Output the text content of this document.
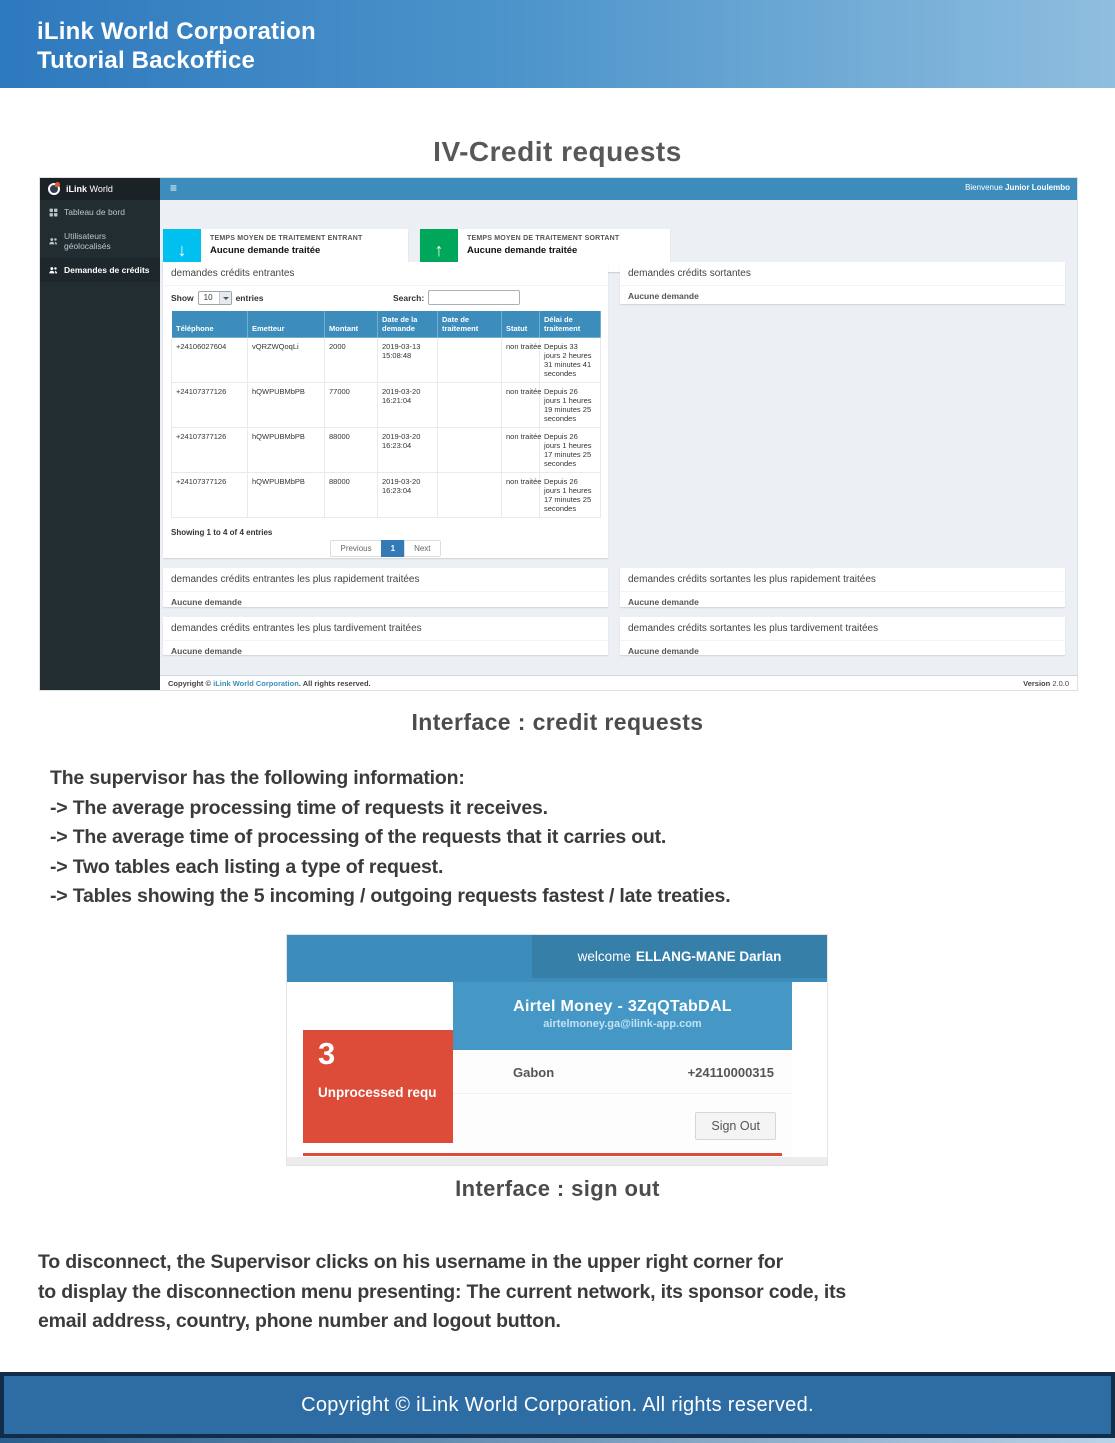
iLink World Corporation
Tutorial Backoffice
IV-Credit requests
iLink World	≡	Bienvenue Junior Loulembo
Tableau de bord
Utilisateurs géolocalisés
Demandes de crédits
↓
TEMPS MOYEN DE TRAITEMENT ENTRANT
Aucune demande traitée	↑
TEMPS MOYEN DE TRAITEMENT SORTANT
Aucune demande traitée
demandes crédits entrantes
Show	10	entries	Search:
Téléphone	Emetteur	Montant	Date de la demande	Date de traitement	Statut	Délai de traitement
+24106027604	vQRZWQoqLi	2000	2019-03-13 15:08:48		non traitée	Depuis 33 jours 2 heures 31 minutes 41 secondes
+24107377126	hQWPUBMbPB	77000	2019-03-20 16:21:04		non traitée	Depuis 26 jours 1 heures 19 minutes 25 secondes
+24107377126	hQWPUBMbPB	88000	2019-03-20 16:23:04		non traitée	Depuis 26 jours 1 heures 17 minutes 25 secondes
+24107377126	hQWPUBMbPB	88000	2019-03-20 16:23:04		non traitée	Depuis 26 jours 1 heures 17 minutes 25 secondes
Showing 1 to 4 of 4 entries
Previous	1	Next
demandes crédits sortantes
Aucune demande
demandes crédits entrantes les plus rapidement traitées
Aucune demande
demandes crédits sortantes les plus rapidement traitées
Aucune demande
demandes crédits entrantes les plus tardivement traitées
Aucune demande
demandes crédits sortantes les plus tardivement traitées
Aucune demande
Copyright © iLink World Corporation. All rights reserved.	Version 2.0.0
Interface : credit requests
The supervisor has the following information:
-> The average processing time of requests it receives.
-> The average time of processing of the requests that it carries out.
-> Two tables each listing a type of request.
-> Tables showing the 5 incoming / outgoing requests fastest / late treaties.
welcome ELLANG-MANE Darlan
Airtel Money - 3ZqQTabDAL
airtelmoney.ga@ilink-app.com
Gabon	+24110000315
Sign Out
3
Unprocessed requ
Interface : sign out
To disconnect, the Supervisor clicks on his username in the upper right corner for
to display the disconnection menu presenting: The current network, its sponsor code, its
email address, country, phone number and logout button.
Copyright © iLink World Corporation. All rights reserved.
